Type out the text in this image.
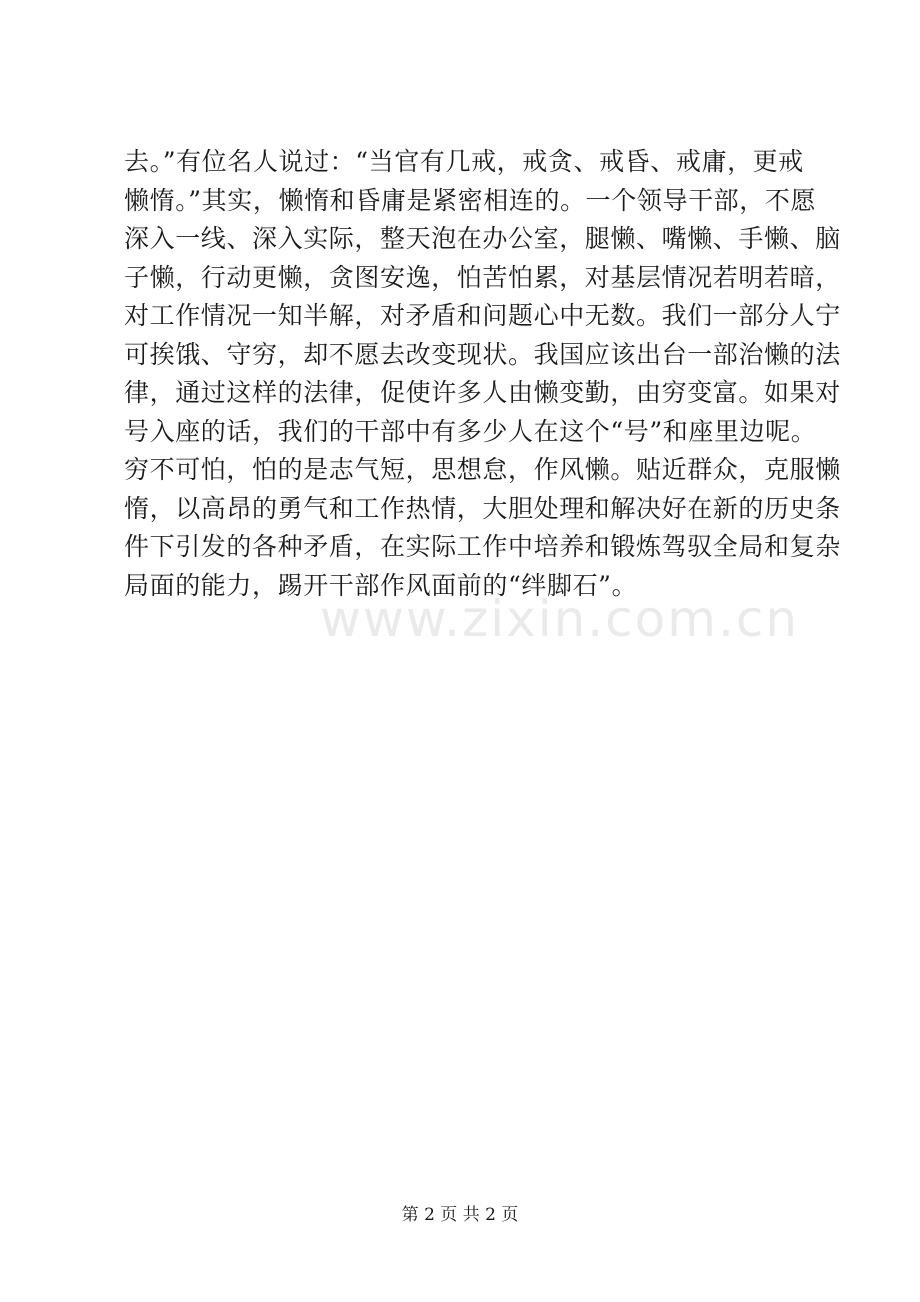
去。”有位名人说过：“当官有几戒，戒贪、戒昏、戒庸，更戒
懒惰。”其实，懒惰和昏庸是紧密相连的。一个领导干部，不愿
深入一线、深入实际，整天泡在办公室，腿懒、嘴懒、手懒、脑
子懒，行动更懒，贪图安逸，怕苦怕累，对基层情况若明若暗，
对工作情况一知半解，对矛盾和问题心中无数。我们一部分人宁
可挨饿、守穷，却不愿去改变现状。我国应该出台一部治懒的法
律，通过这样的法律，促使许多人由懒变勤，由穷变富。如果对
号入座的话，我们的干部中有多少人在这个“号”和座里边呢。
穷不可怕，怕的是志气短，思想怠，作风懒。贴近群众，克服懒
惰，以高昂的勇气和工作热情，大胆处理和解决好在新的历史条
件下引发的各种矛盾，在实际工作中培养和锻炼驾驭全局和复杂
局面的能力，踢开干部作风面前的“绊脚石”。
www.zixin.com.cn
第 2 页 共 2 页
